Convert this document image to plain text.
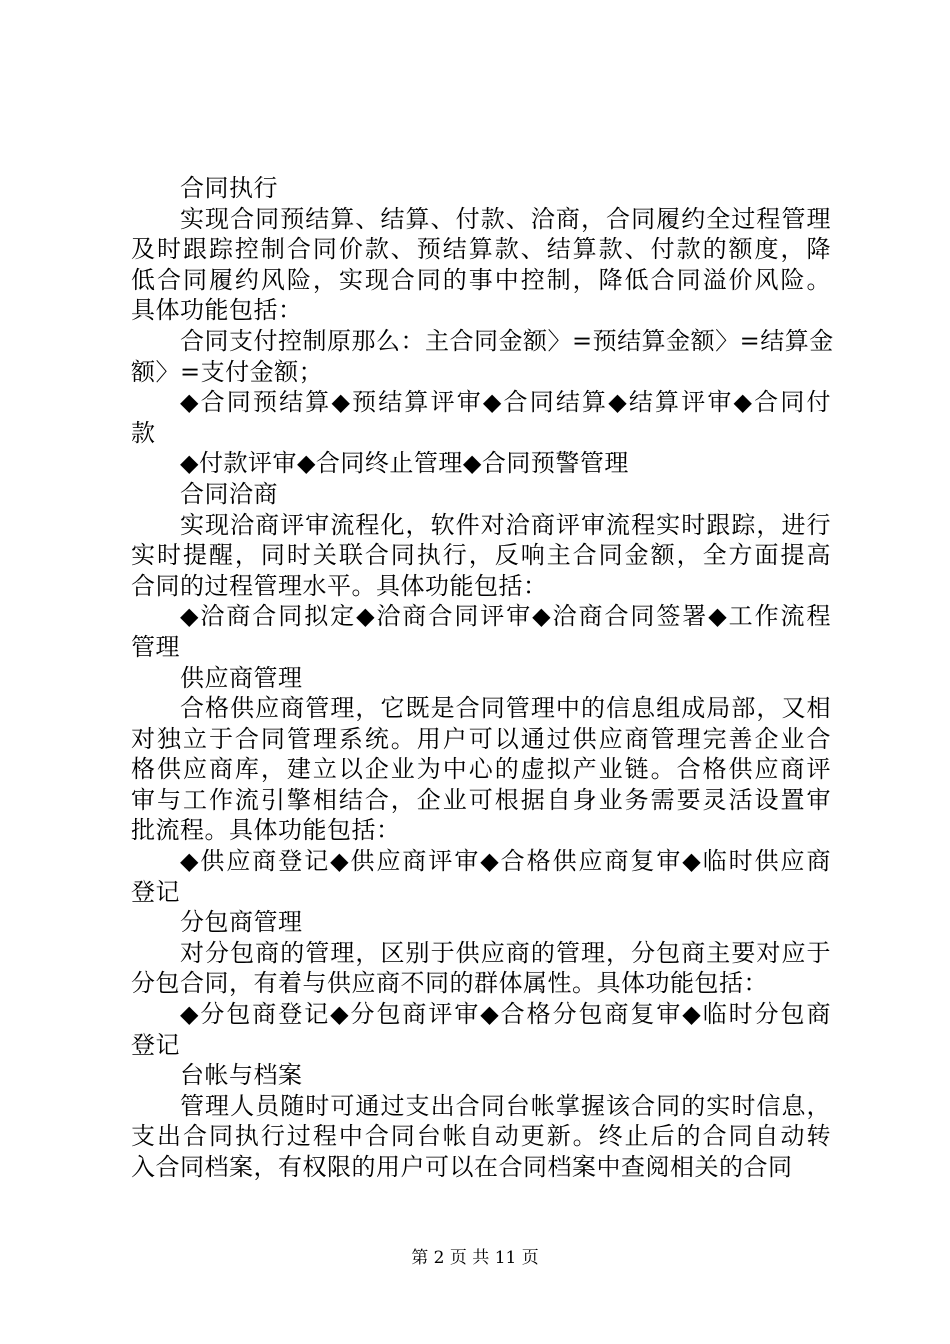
合同执行
实现合同预结算、结算、付款、洽商，合同履约全过程管理
及时跟踪控制合同价款、预结算款、结算款、付款的额度，降
低合同履约风险，实现合同的事中控制，降低合同溢价风险。
具体功能包括：
合同支付控制原那么：主合同金额〉=预结算金额〉=结算金
额〉=支付金额；
◆合同预结算◆预结算评审◆合同结算◆结算评审◆合同付
款
◆付款评审◆合同终止管理◆合同预警管理
合同洽商
实现洽商评审流程化，软件对洽商评审流程实时跟踪，进行
实时提醒，同时关联合同执行，反响主合同金额，全方面提高
合同的过程管理水平。具体功能包括：
◆洽商合同拟定◆洽商合同评审◆洽商合同签署◆工作流程
管理
供应商管理
合格供应商管理，它既是合同管理中的信息组成局部，又相
对独立于合同管理系统。用户可以通过供应商管理完善企业合
格供应商库，建立以企业为中心的虚拟产业链。合格供应商评
审与工作流引擎相结合，企业可根据自身业务需要灵活设置审
批流程。具体功能包括：
◆供应商登记◆供应商评审◆合格供应商复审◆临时供应商
登记
分包商管理
对分包商的管理，区别于供应商的管理，分包商主要对应于
分包合同，有着与供应商不同的群体属性。具体功能包括：
◆分包商登记◆分包商评审◆合格分包商复审◆临时分包商
登记
台帐与档案
管理人员随时可通过支出合同台帐掌握该合同的实时信息，
支出合同执行过程中合同台帐自动更新。终止后的合同自动转
入合同档案，有权限的用户可以在合同档案中查阅相关的合同
第 2 页 共 11 页
